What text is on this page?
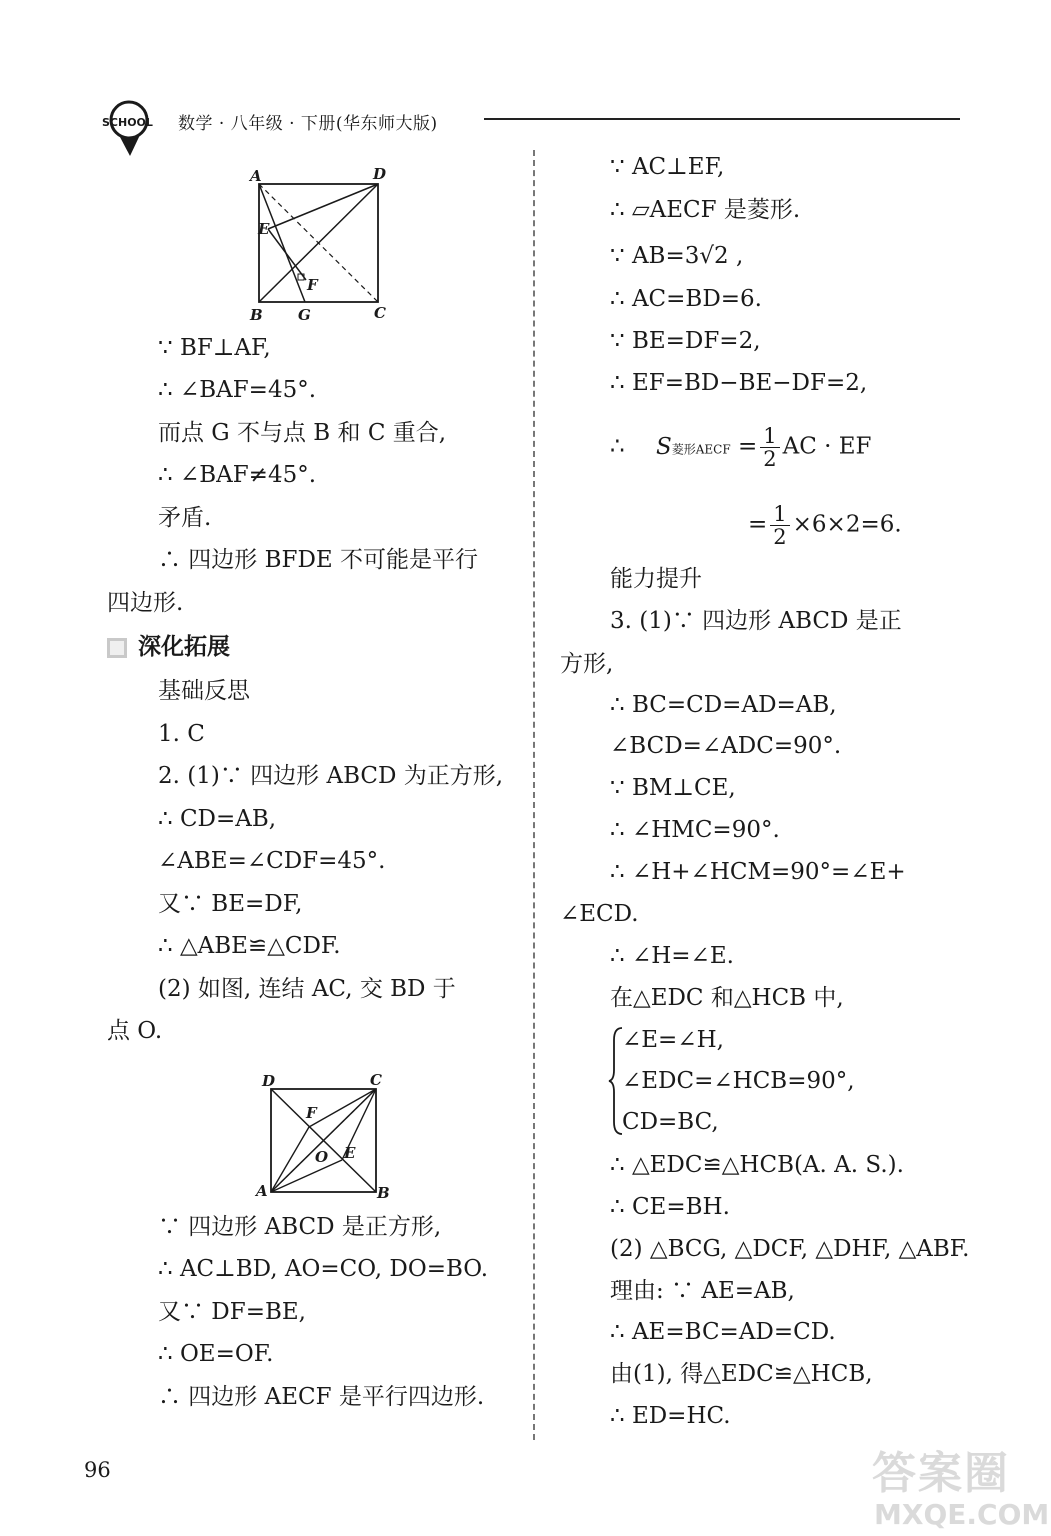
SCHOOL 数学 · 八年级 · 下册(华东师大版)
A	D
E
F
B G	C
∵ BF⊥AF,
∴ ∠BAF=45°.
而点 G 不与点 B 和 C 重合,
∴ ∠BAF≠45°.
矛盾.
∴ 四边形 BFDE 不可能是平行
四边形.
深化拓展
基础反思
1. C
2. (1)∵ 四边形 ABCD 为正方形,
∴ CD=AB,
∠ABE=∠CDF=45°.
又∵ BE=DF,
∴ △ABE≌△CDF.
(2) 如图, 连结 AC, 交 BD 于
点 O.
D	C
F
O E
A	B
∵ 四边形 ABCD 是正方形,
∴ AC⊥BD, AO=CO, DO=BO.
又∵ DF=BE,
∴ OE=OF.
∴ 四边形 AECF 是平行四边形.
∵ AC⊥EF,
∴ ▱AECF 是菱形.
∵ AB=3√2 ,
∴ AC=BD=6.
∵ BE=DF=2,
∴ EF=BD−BE−DF=2,
∴ S菱形AECF = $\frac{1}{2}$ AC · EF
= $\frac{1}{2} \times 6\times 2=6$.
能力提升
3. (1)∵ 四边形 ABCD 是正
方形,
∴ BC=CD=AD=AB,
∠BCD=∠ADC=90°.
∵ BM⊥CE,
∴ ∠HMC=90°.
∴ ∠H+∠HCM=90°=∠E+
∠ECD.
∴ ∠H=∠E.
在△EDC 和△HCB 中,
∠E=∠H,
∠EDC=∠HCB=90°,
CD=BC,
∴ △EDC≌△HCB(A. A. S.).
∴ CE=BH.
(2) △BCG, △DCF, △DHF, △ABF.
理由: ∵ AE=AB,
∴ AE=BC=AD=CD.
由(1), 得△EDC≌△HCB,
∴ ED=HC.
96	答案圈
MXQE.COM
